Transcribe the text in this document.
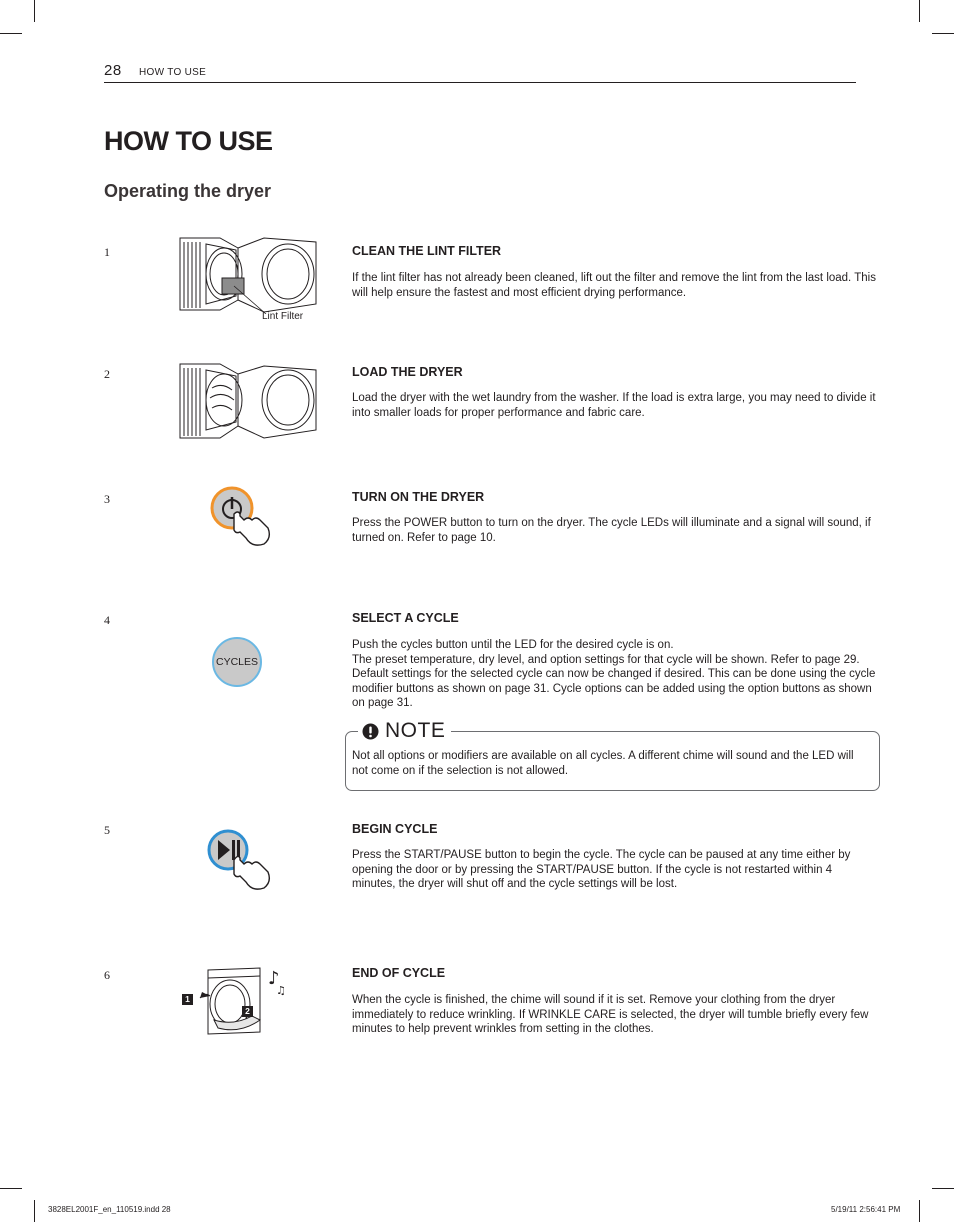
28 HOW TO USE
HOW TO USE
Operating the dryer
1
Lint Filter
CLEAN THE LINT FILTER
If the lint filter has not already been cleaned, lift out the filter and remove the lint from the last load. This will help ensure the fastest and most efficient drying performance.
2	LOAD THE DRYER
Load the dryer with the wet laundry from the washer. If the load is extra large, you may need to divide it into smaller loads for proper performance and fabric care.
3	TURN ON THE DRYER
Press the POWER button to turn on the dryer. The cycle LEDs will illuminate and a signal will sound, if turned on. Refer to page 10.
4
CYCLES
SELECT A CYCLE
Push the cycles button until the LED for the desired cycle is on.
The preset temperature, dry level, and option settings for that cycle will be shown. Refer to page 29. Default settings for the selected cycle can now be changed if desired. This can be done using the cycle modifier buttons as shown on page 31. Cycle options can be added using the option buttons as shown on page 31.
NOTE
Not all options or modifiers are available on all cycles. A different chime will sound and the LED will not come on if the selection is not allowed.
5	BEGIN CYCLE
Press the START/PAUSE button to begin the cycle. The cycle can be paused at any time either by opening the door or by pressing the START/PAUSE button. If the cycle is not restarted within 4 minutes, the dryer will shut off and the cycle settings will be lost.
6	♪
♫
1
2
END OF CYCLE
When the cycle is finished, the chime will sound if it is set. Remove your clothing from the dryer immediately to reduce wrinkling. If WRINKLE CARE is selected, the dryer will tumble briefly every few minutes to help prevent wrinkles from setting in the clothes.
3828EL2001F_en_110519.indd 28	5/19/11 2:56:41 PM
